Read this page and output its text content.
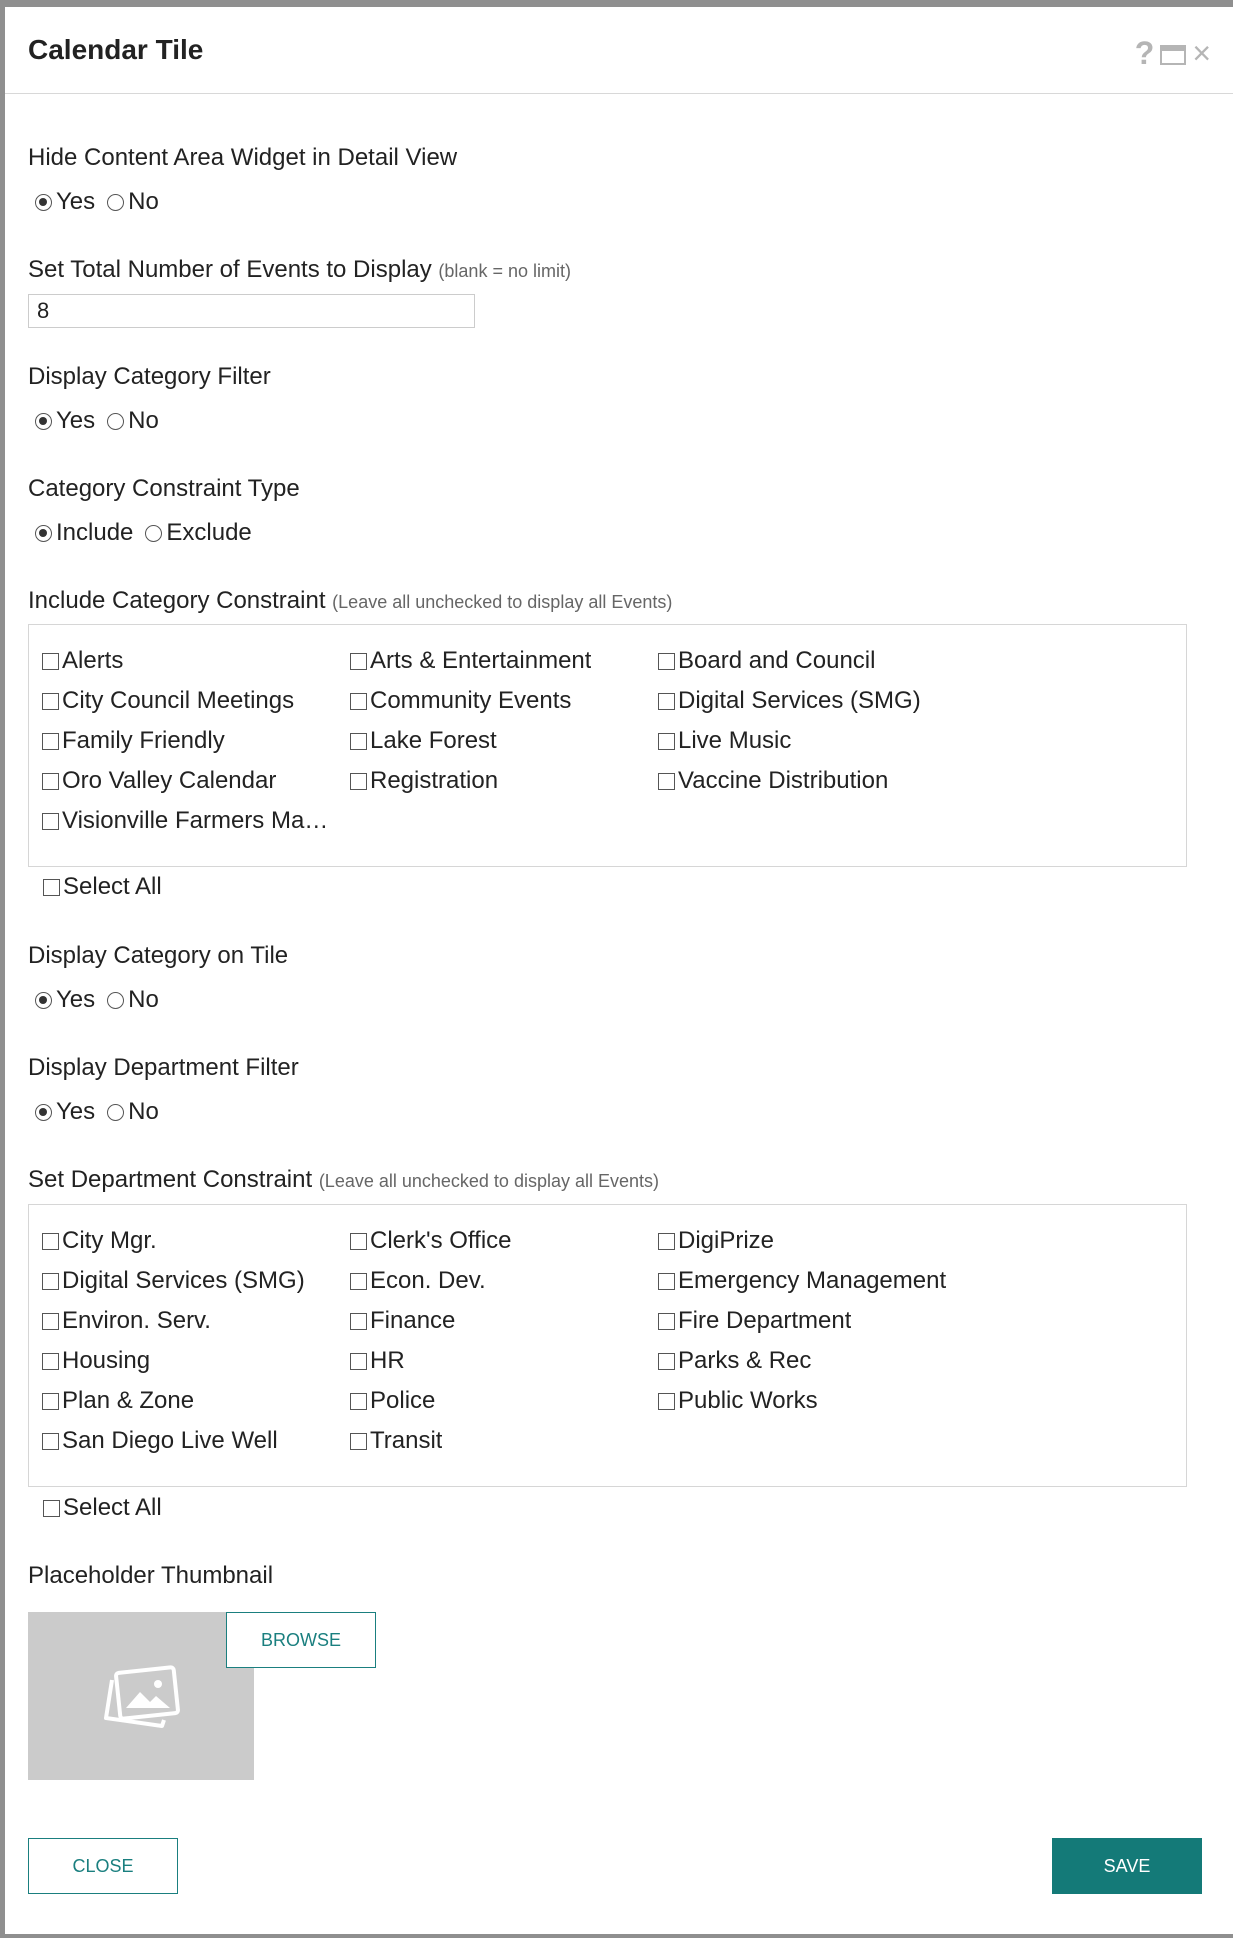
Calendar Tile	? ×
Hide Content Area Widget in Detail View
Yes No
Set Total Number of Events to Display (blank = no limit)
8
Display Category Filter
Yes No
Category Constraint Type
Include Exclude
Include Category Constraint (Leave all unchecked to display all Events)
Alerts	Arts & Entertainment	Board and Council
City Council Meetings	Community Events	Digital Services (SMG)
Family Friendly	Lake Forest	Live Music
Oro Valley Calendar	Registration	Vaccine Distribution
Visionville Farmers Ma…
Select All
Display Category on Tile
Yes No
Display Department Filter
Yes No
Set Department Constraint (Leave all unchecked to display all Events)
City Mgr.	Clerk's Office	DigiPrize
Digital Services (SMG)	Econ. Dev.	Emergency Management
Environ. Serv.	Finance	Fire Department
Housing	HR	Parks & Rec
Plan & Zone	Police	Public Works
San Diego Live Well	Transit
Select All
Placeholder Thumbnail
BROWSE
CLOSE	SAVE
